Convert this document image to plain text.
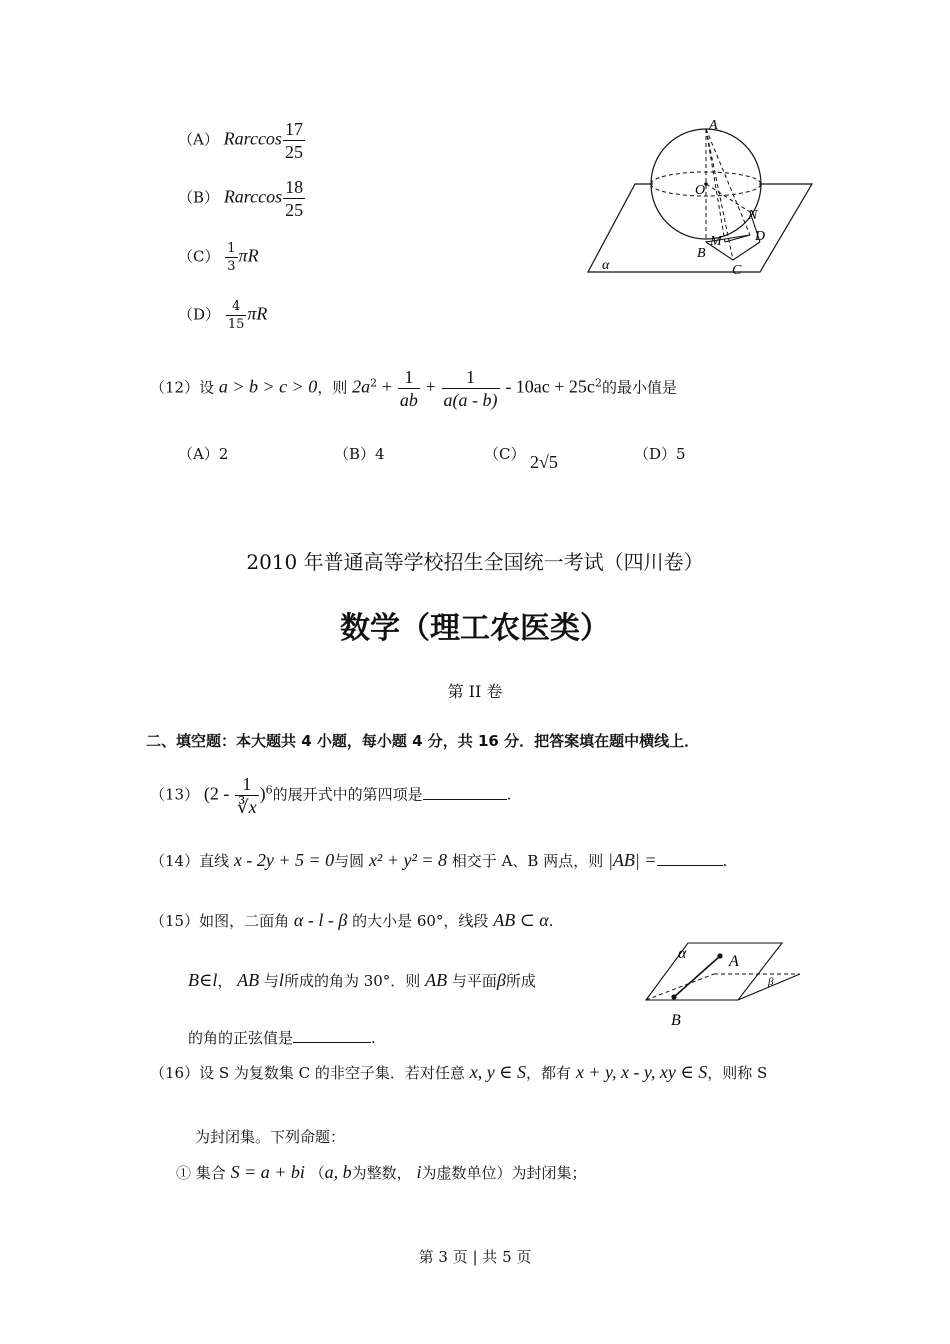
（A） Rarccos $\frac{17}{25}$
（B） Rarccos $\frac{18}{25}$
$(C) \frac{1}{3}$ πR
$(D) \frac{4}{15}$ πR
A
O
N
M D
B
C
α
（12）设 a > b > c > 0，则 $2a^2 + \frac{1}{ab} + \frac{1}{a(a - b)} - 10ac + 25c^2$的最小值是
（A）2	（B）4	（C） 2√5	（D）5
2010 年普通高等学校招生全国统一考试（四川卷）
数学（理工农医类）
第 II 卷
二、填空题：本大题共 4 小题，每小题 4 分，共 16 分．把答案填在题中横线上．
（13） $(2 - \frac{1}{∛x} )^6$的展开式中的第四项是	.
（14）直线 x - 2y + 5 = 0与圆 x² + y² = 8 相交于 A、B 两点，则 |AB| =	.
（15）如图，二面角 α - l - β 的大小是 60°，线段 AB ⊂ α.
B∈l， AB 与l所成的角为 30°．则 AB 与平面β所成
的角的正弦值是	.
α	A
β
B
（16）设 S 为复数集 C 的非空子集．若对任意 x, y ∈ S，都有 x + y, x - y, xy ∈ S，则称 S
为封闭集。下列命题：
① 集合 S = a + bi （a, b为整数， i为虚数单位）为封闭集；
第 3 页 | 共 5 页
